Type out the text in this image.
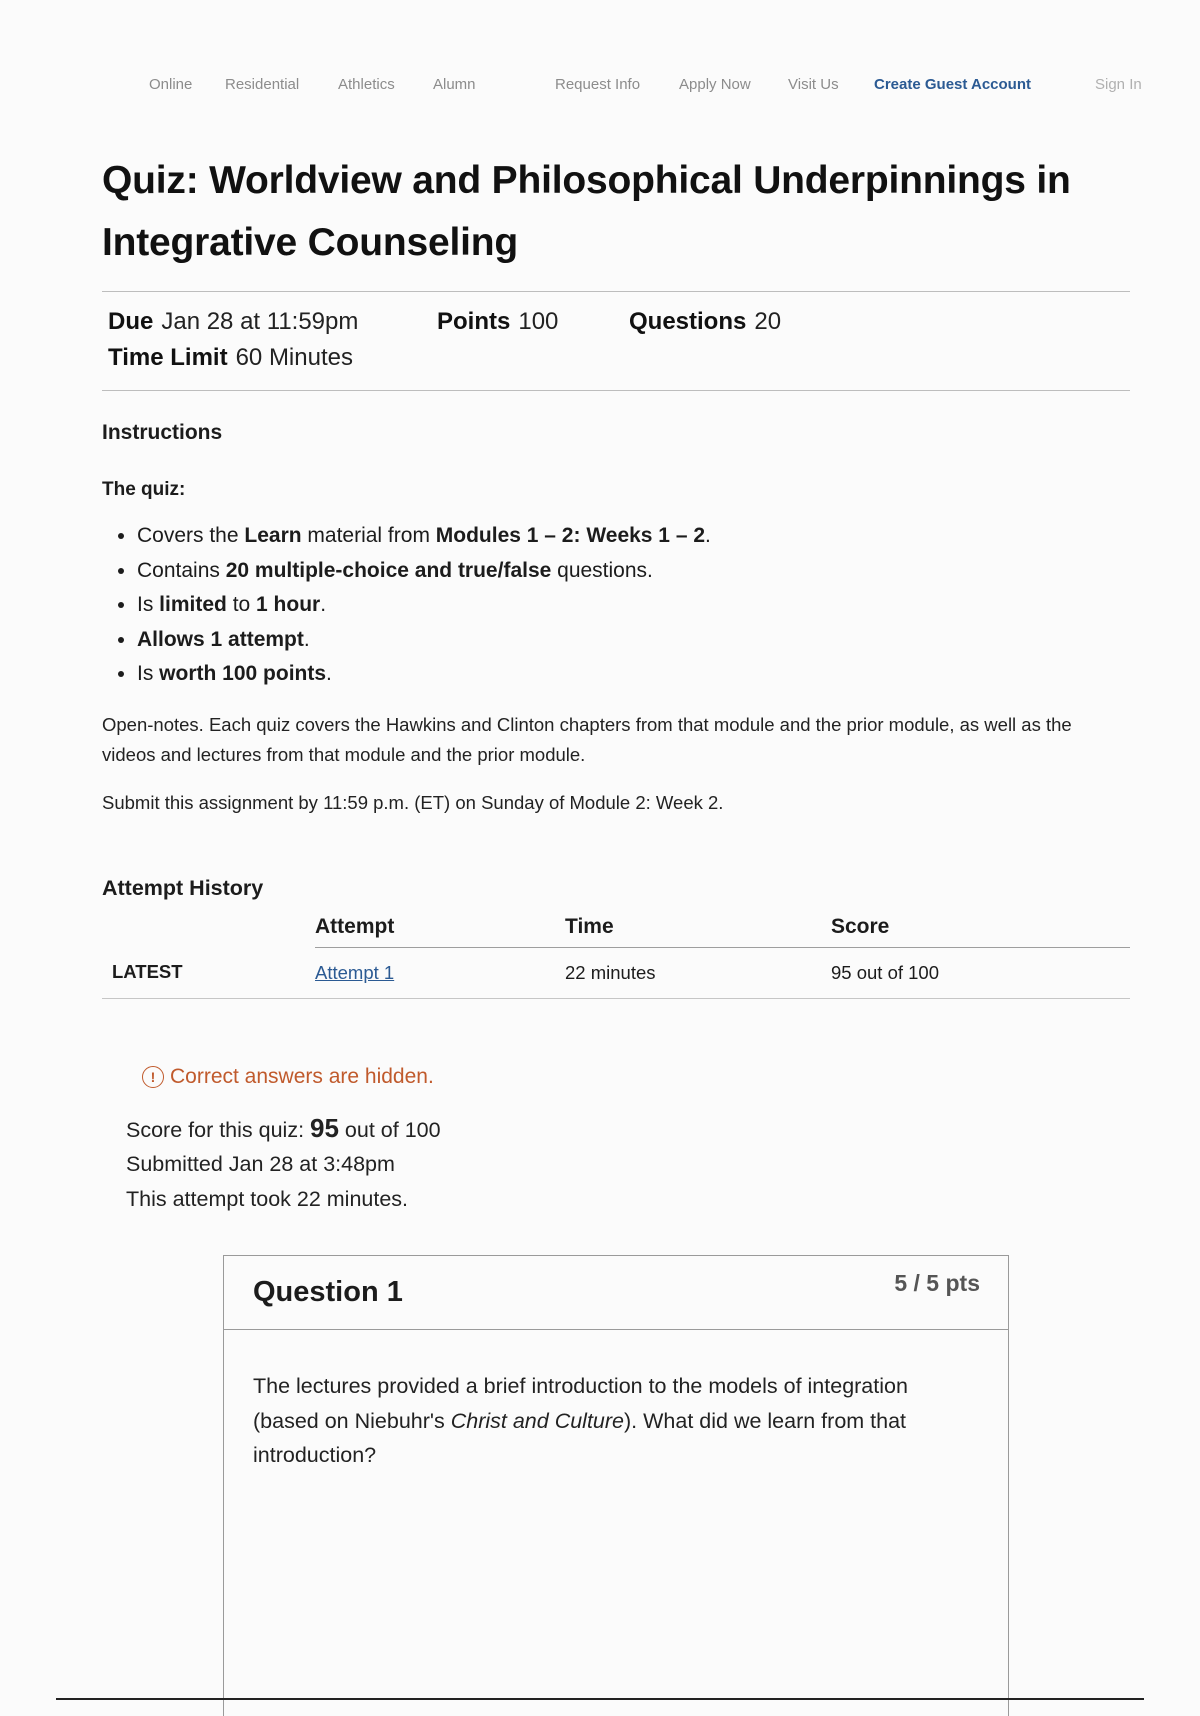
Online Residential	Athletics	Alumn	Request Info	Apply Now Visit Us Create Guest Account	Sign In
Quiz: Worldview and Philosophical Underpinnings in Integrative Counseling
Due Jan 28 at 11:59pm	Points 100	Questions 20
Time Limit 60 Minutes
Instructions
The quiz:
• Covers the Learn material from Modules 1 – 2: Weeks 1 – 2.
• Contains 20 multiple-choice and true/false questions.
• Is limited to 1 hour.
• Allows 1 attempt.
• Is worth 100 points.

Open-notes. Each quiz covers the Hawkins and Clinton chapters from that module and the prior module, as well as the videos and lectures from that module and the prior module.

Submit this assignment by 11:59 p.m. (ET) on Sunday of Module 2: Week 2.

Attempt History
	Attempt	Time	Score
LATEST	Attempt 1	22 minutes	95 out of 100
! Correct answers are hidden.
Score for this quiz: 95 out of 100
Submitted Jan 28 at 3:48pm
This attempt took 22 minutes.
Question 1	5 / 5 pts
The lectures provided a brief introduction to the models of integration (based on Niebuhr's Christ and Culture). What did we learn from that introduction?
